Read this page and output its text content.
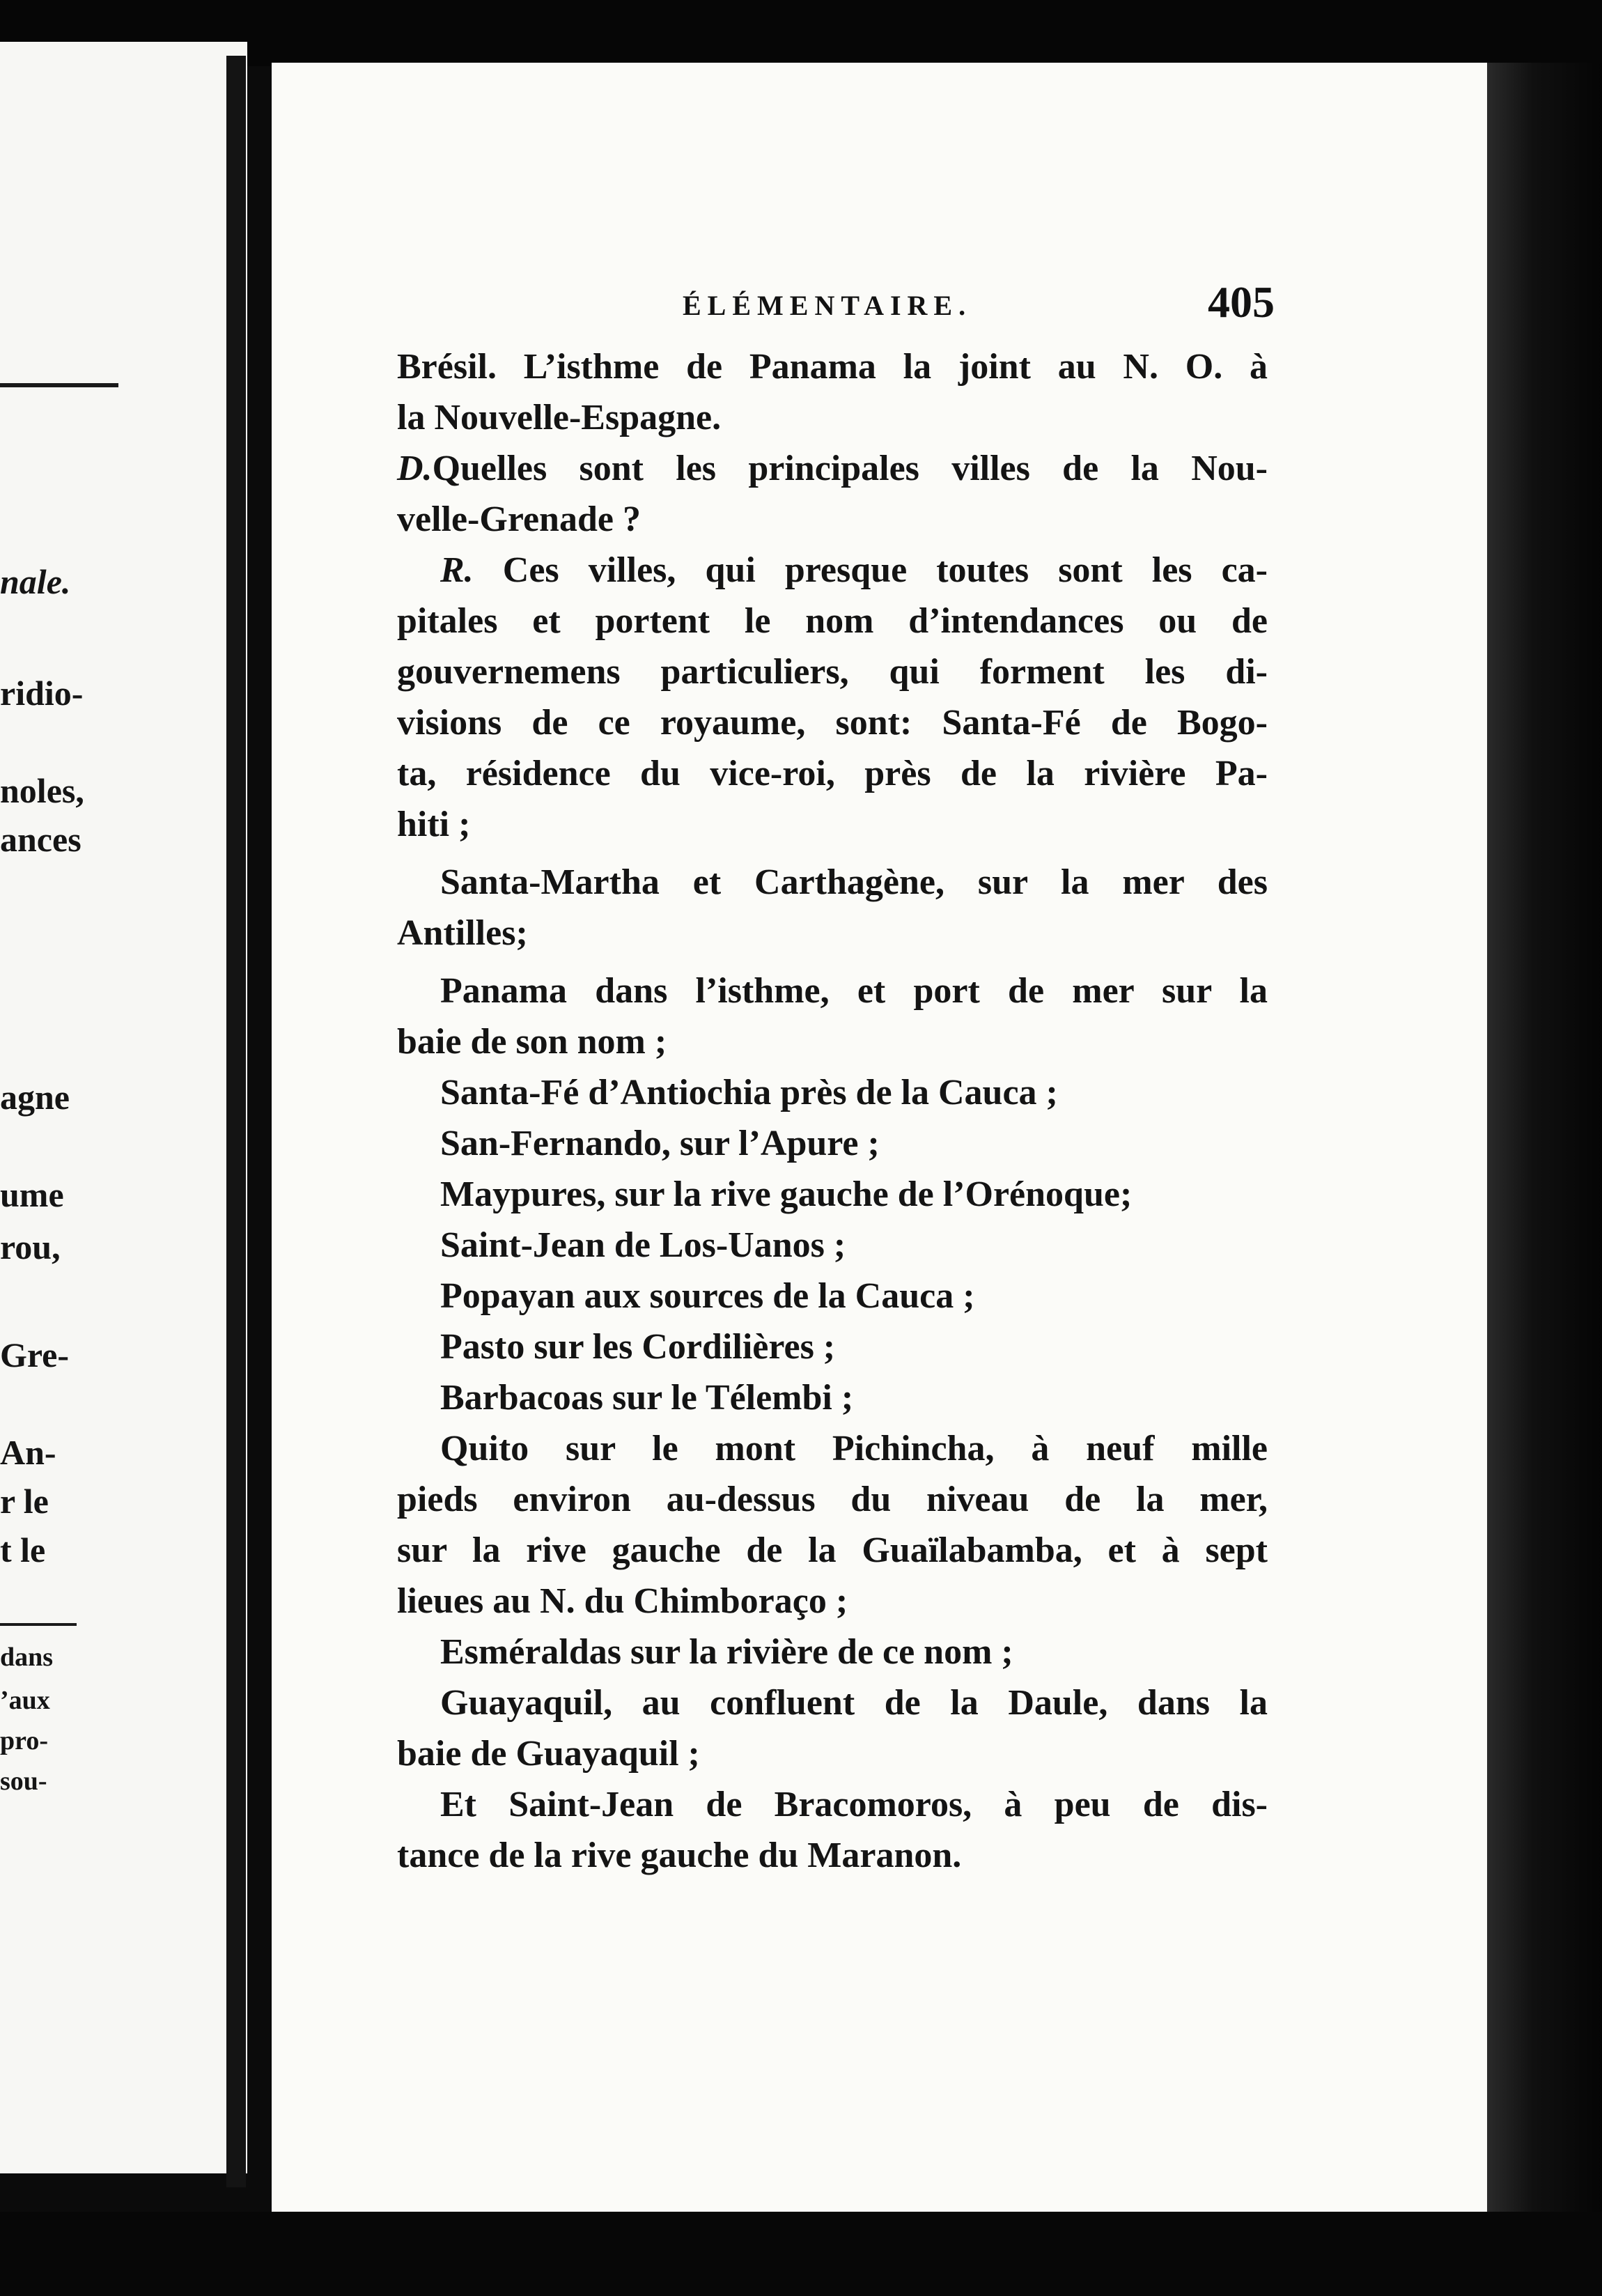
nale.
ridio-
noles,
ances
agne
ume
rou,
Gre-
An-
r le
t le
dans
’aux
pro-
sou-
ÉLÉMENTAIRE.	405
Brésil. L’isthme de Panama la joint au N. O. à
la Nouvelle-Espagne.
D.Quelles sont les principales villes de la Nou-
velle-Grenade ?
R. Ces villes, qui presque toutes sont les ca-
pitales et portent le nom d’intendances ou de
gouvernemens particuliers, qui forment les di-
visions de ce royaume, sont: Santa-Fé de Bogo-
ta, résidence du vice-roi, près de la rivière Pa-
hiti ;
Santa-Martha et Carthagène, sur la mer des
Antilles;
Panama dans l’isthme, et port de mer sur la
baie de son nom ;
Santa-Fé d’Antiochia près de la Cauca ;
San-Fernando, sur l’Apure ;
Maypures, sur la rive gauche de l’Orénoque;
Saint-Jean de Los-Uanos ;
Popayan aux sources de la Cauca ;
Pasto sur les Cordilières ;
Barbacoas sur le Télembi ;
Quito sur le mont Pichincha, à neuf mille
pieds environ au-dessus du niveau de la mer,
sur la rive gauche de la Guaïlabamba, et à sept
lieues au N. du Chimboraço ;
Esméraldas sur la rivière de ce nom ;
Guayaquil, au confluent de la Daule, dans la
baie de Guayaquil ;
Et Saint-Jean de Bracomoros, à peu de dis-
tance de la rive gauche du Maranon.
